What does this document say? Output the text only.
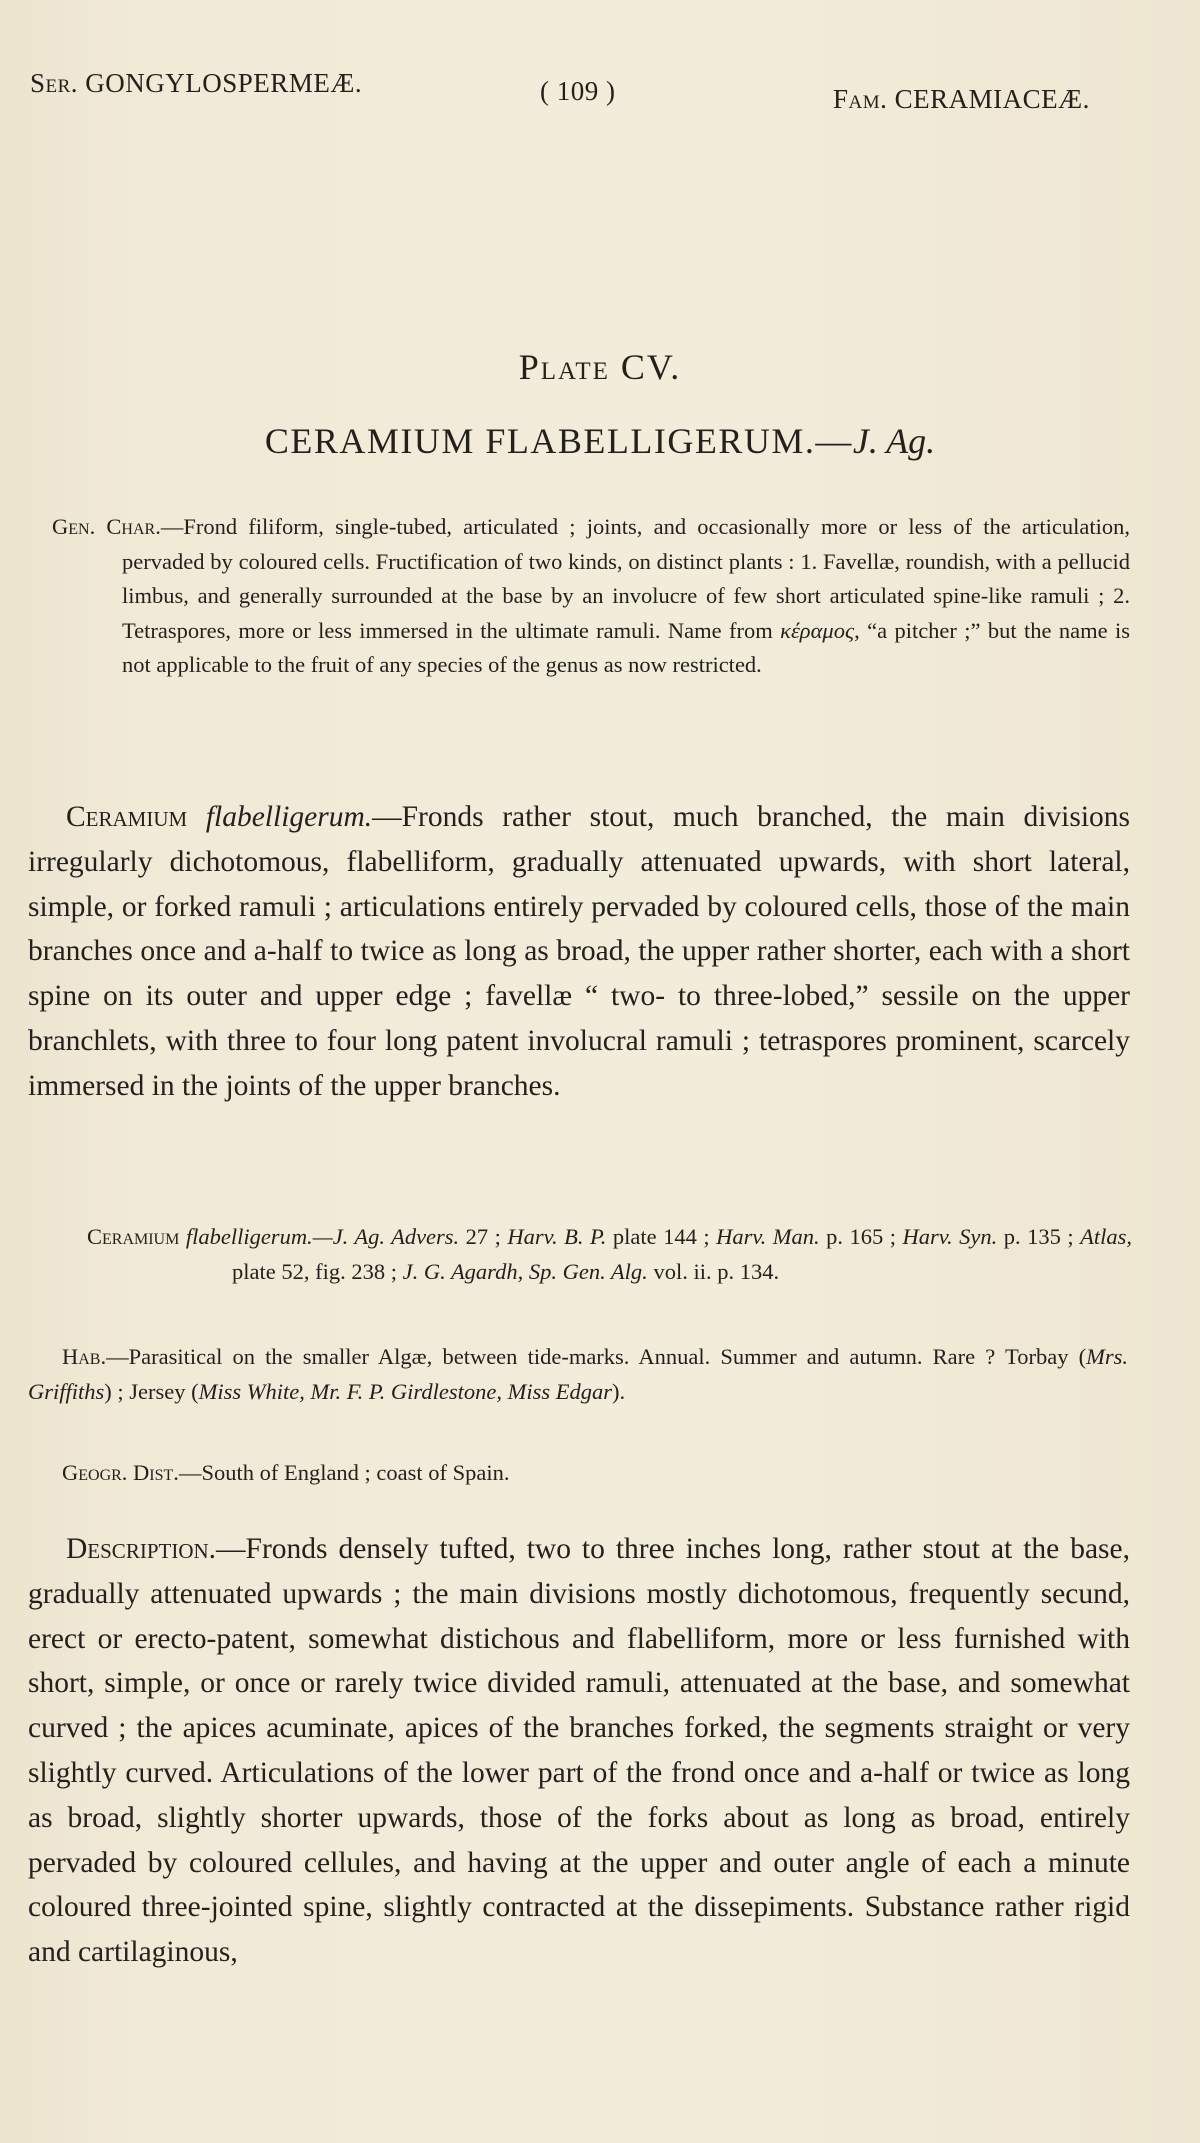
Ser. GONGYLOSPERMEÆ.	( 109 )	Fam. CERAMIACEÆ.
Plate CV.
CERAMIUM FLABELLIGERUM.—J. Ag.
Gen. Char.—Frond filiform, single-tubed, articulated ; joints, and occasionally more or less of the articulation, pervaded by coloured cells. Fructification of two kinds, on distinct plants : 1. Favellæ, roundish, with a pellucid limbus, and generally surrounded at the base by an involucre of few short articulated spine-like ramuli ; 2. Tetraspores, more or less immersed in the ultimate ramuli. Name from κέραμος, “a pitcher ;” but the name is not applicable to the fruit of any species of the genus as now restricted.
Ceramium flabelligerum.—Fronds rather stout, much branched, the main divisions irregularly dichotomous, flabelliform, gradually attenuated upwards, with short lateral, simple, or forked ramuli ; articulations entirely pervaded by coloured cells, those of the main branches once and a-half to twice as long as broad, the upper rather shorter, each with a short spine on its outer and upper edge ; favellæ “ two- to three-lobed,” sessile on the upper branchlets, with three to four long patent involucral ramuli ; tetraspores prominent, scarcely immersed in the joints of the upper branches.
Ceramium flabelligerum.—J. Ag. Advers. 27 ; Harv. B. P. plate 144 ; Harv. Man. p. 165 ; Harv. Syn. p. 135 ; Atlas, plate 52, fig. 238 ; J. G. Agardh, Sp. Gen. Alg. vol. ii. p. 134.
Hab.—Parasitical on the smaller Algæ, between tide-marks. Annual. Summer and autumn. Rare ? Torbay (Mrs. Griffiths) ; Jersey (Miss White, Mr. F. P. Girdlestone, Miss Edgar).
Geogr. Dist.—South of England ; coast of Spain.
Description.—Fronds densely tufted, two to three inches long, rather stout at the base, gradually attenuated upwards ; the main divisions mostly dichotomous, frequently secund, erect or erecto-patent, somewhat distichous and flabelliform, more or less furnished with short, simple, or once or rarely twice divided ramuli, attenuated at the base, and somewhat curved ; the apices acuminate, apices of the branches forked, the segments straight or very slightly curved. Articulations of the lower part of the frond once and a-half or twice as long as broad, slightly shorter upwards, those of the forks about as long as broad, entirely pervaded by coloured cellules, and having at the upper and outer angle of each a minute coloured three-jointed spine, slightly contracted at the dissepiments. Substance rather rigid and cartilaginous,
